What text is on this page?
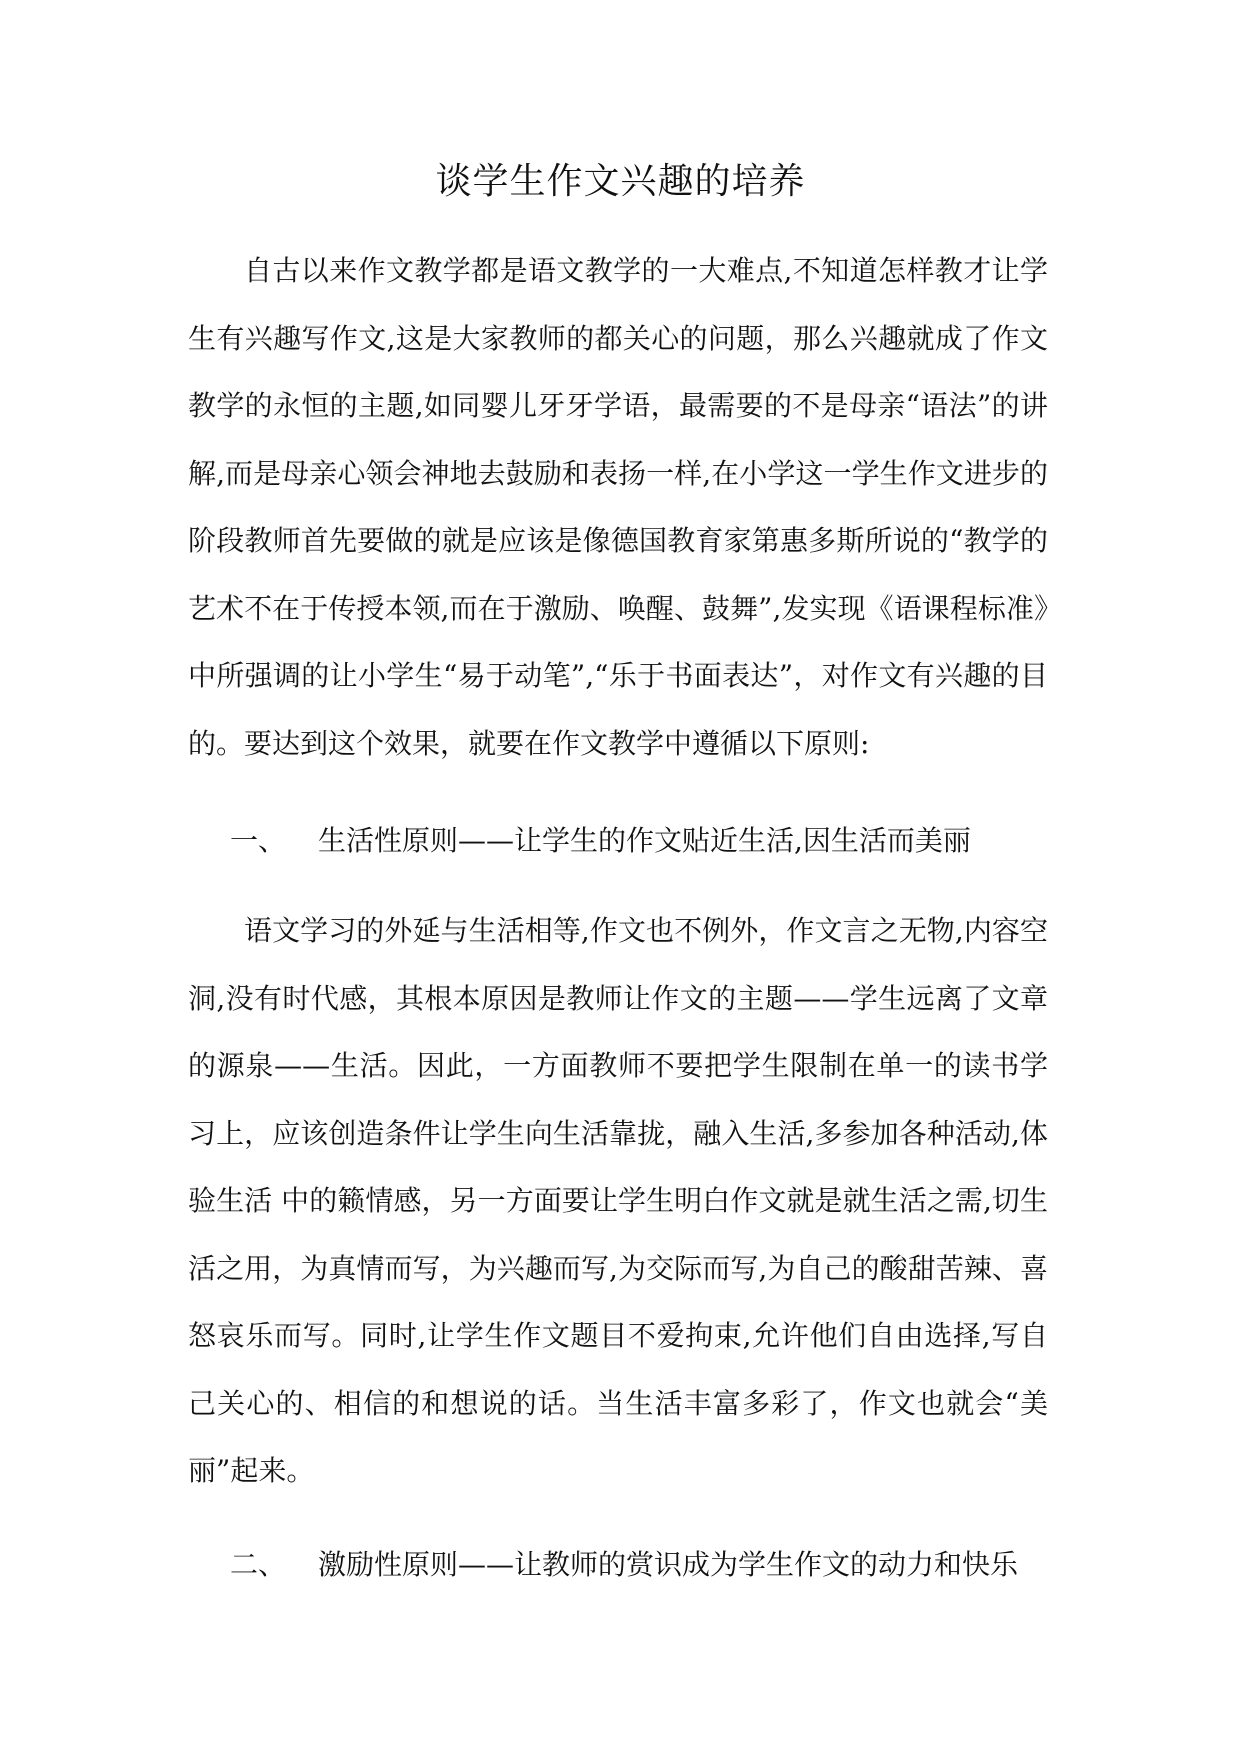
谈学生作文兴趣的培养
自古以来作文教学都是语文教学的一大难点,不知道怎样教才让学生有兴趣写作文,这是大家教师的都关心的问题，那么兴趣就成了作文教学的永恒的主题,如同婴儿牙牙学语，最需要的不是母亲“语法”的讲解,而是母亲心领会神地去鼓励和表扬一样,在小学这一学生作文进步的阶段教师首先要做的就是应该是像德国教育家第惠多斯所说的“教学的艺术不在于传授本领,而在于激励、唤醒、鼓舞”,发实现《语课程标准》中所强调的让小学生“易于动笔”,“乐于书面表达”，对作文有兴趣的目的。要达到这个效果，就要在作文教学中遵循以下原则:
一、 生活性原则——让学生的作文贴近生活,因生活而美丽
语文学习的外延与生活相等,作文也不例外，作文言之无物,内容空洞,没有时代感，其根本原因是教师让作文的主题——学生远离了文章的源泉——生活。因此，一方面教师不要把学生限制在单一的读书学习上，应该创造条件让学生向生活靠拢，融入生活,多参加各种活动,体验生活 中的籁情感，另一方面要让学生明白作文就是就生活之需,切生活之用，为真情而写，为兴趣而写,为交际而写,为自己的酸甜苦辣、喜怒哀乐而写。同时,让学生作文题目不爱拘束,允许他们自由选择,写自己关心的、相信的和想说的话。当生活丰富多彩了，作文也就会“美丽”起来。
二、 激励性原则——让教师的赏识成为学生作文的动力和快乐
